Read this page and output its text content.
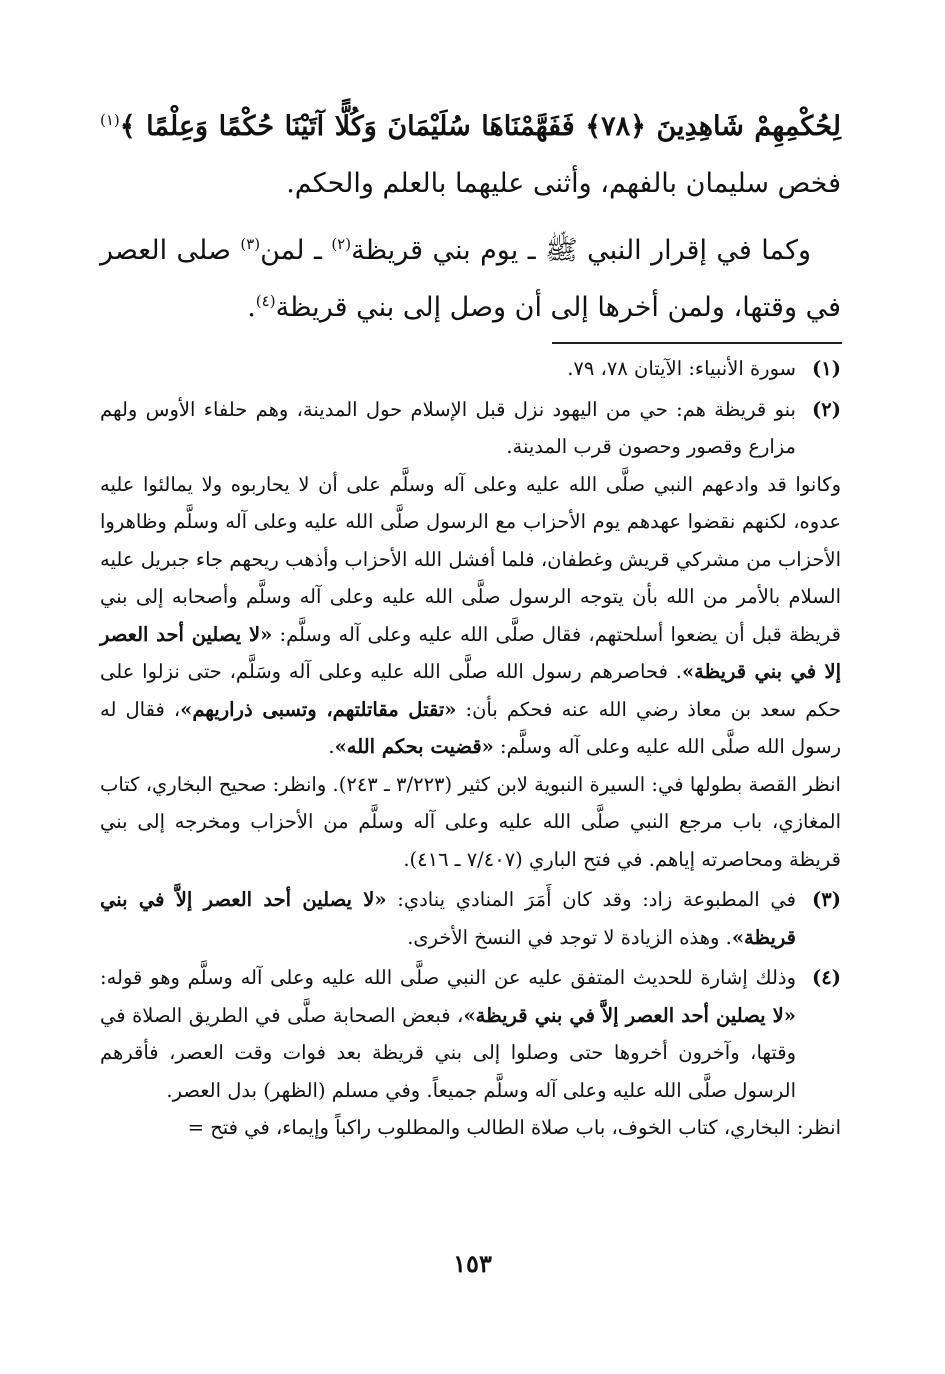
لِحُكْمِهِمْ شَاهِدِينَ ﴿٧٨﴾ فَفَهَّمْنَاهَا سُلَيْمَانَ وَكُلًّا آتَيْنَا حُكْمًا وَعِلْمًا ﴾$^{(١)}$ فخص سليمان بالفهم، وأثنى عليهما بالعلم والحكم.

وكما في إقرار النبي ﷺ ـ يوم بني قريظة$^{(٢)}$ ـ لمن$^{(٣)}$ صلى العصر في وقتها، ولمن أخرها إلى أن وصل إلى بني قريظة$^{(٤)}$.

(١)

سورة الأنبياء: الآيتان ٧٨، ٧٩.

(٢)

بنو قريظة هم: حي من اليهود نزل قبل الإسلام حول المدينة، وهم حلفاء الأوس ولهم مزارع وقصور وحصون قرب المدينة.

وكانوا قد وادعهم النبي صلَّى الله عليه وعلى آله وسلَّم على أن لا يحاربوه ولا يمالئوا عليه عدوه، لكنهم نقضوا عهدهم يوم الأحزاب مع الرسول صلَّى الله عليه وعلى آله وسلَّم وظاهروا الأحزاب من مشركي قريش وغطفان، فلما أفشل الله الأحزاب وأذهب ريحهم جاء جبريل عليه السلام بالأمر من الله بأن يتوجه الرسول صلَّى الله عليه وعلى آله وسلَّم وأصحابه إلى بني قريظة قبل أن يضعوا أسلحتهم، فقال صلَّى الله عليه وعلى آله وسلَّم: «لا يصلين أحد العصر إلا في بني قريظة». فحاصرهم رسول الله صلَّى الله عليه وعلى آله وسَلَّم، حتى نزلوا على حكم سعد بن معاذ رضي الله عنه فحكم بأن: «تقتل مقاتلتهم، وتسبى ذراريهم»، فقال له رسول الله صلَّى الله عليه وعلى آله وسلَّم: «قضيت بحكم الله».

انظر القصة بطولها في: السيرة النبوية لابن كثير (٣/٢٢٣ ـ ٢٤٣). وانظر: صحيح البخاري، كتاب المغازي، باب مرجع النبي صلَّى الله عليه وعلى آله وسلَّم من الأحزاب ومخرجه إلى بني قريظة ومحاصرته إياهم. في فتح الباري (٧/٤٠٧ ـ ٤١٦).

(٣)

في المطبوعة زاد: وقد كان أَمَرَ المنادي ينادي: «لا يصلين أحد العصر إلاَّ في بني قريظة». وهذه الزيادة لا توجد في النسخ الأخرى.

(٤)

وذلك إشارة للحديث المتفق عليه عن النبي صلَّى الله عليه وعلى آله وسلَّم وهو قوله: «لا يصلين أحد العصر إلاَّ في بني قريظة»، فبعض الصحابة صلَّى في الطريق الصلاة في وقتها، وآخرون أخروها حتى وصلوا إلى بني قريظة بعد فوات وقت العصر، فأقرهم الرسول صلَّى الله عليه وعلى آله وسلَّم جميعاً. وفي مسلم (الظهر) بدل العصر.

انظر: البخاري، كتاب الخوف، باب صلاة الطالب والمطلوب راكباً وإيماء، في فتح =

١٥٣
